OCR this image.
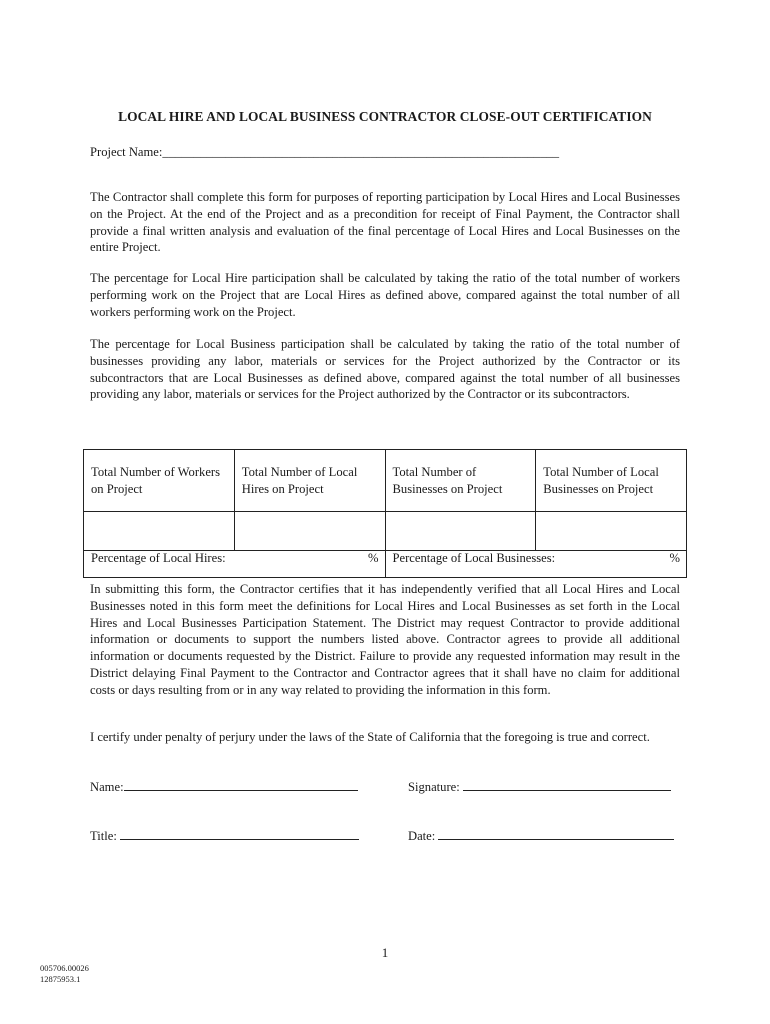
LOCAL HIRE AND LOCAL BUSINESS CONTRACTOR CLOSE-OUT CERTIFICATION
Project Name:_______________________________________________________________
The Contractor shall complete this form for purposes of reporting participation by Local Hires and Local Businesses on the Project. At the end of the Project and as a precondition for receipt of Final Payment, the Contractor shall provide a final written analysis and evaluation of the final percentage of Local Hires and Local Businesses on the entire Project.
The percentage for Local Hire participation shall be calculated by taking the ratio of the total number of workers performing work on the Project that are Local Hires as defined above, compared against the total number of all workers performing work on the Project.
The percentage for Local Business participation shall be calculated by taking the ratio of the total number of businesses providing any labor, materials or services for the Project authorized by the Contractor or its subcontractors that are Local Businesses as defined above, compared against the total number of all businesses providing any labor, materials or services for the Project authorized by the Contractor or its subcontractors.
Total Number of Workers on Project	Total Number of Local Hires on Project	Total Number of Businesses on Project	Total Number of Local Businesses on Project

Percentage of Local Hires: %		Percentage of Local Businesses: %	
In submitting this form, the Contractor certifies that it has independently verified that all Local Hires and Local Businesses noted in this form meet the definitions for Local Hires and Local Businesses as set forth in the Local Hires and Local Businesses Participation Statement. The District may request Contractor to provide additional information or documents to support the numbers listed above. Contractor agrees to provide all additional information or documents requested by the District. Failure to provide any requested information may result in the District delaying Final Payment to the Contractor and Contractor agrees that it shall have no claim for additional costs or days resulting from or in any way related to providing the information in this form.
I certify under penalty of perjury under the laws of the State of California that the foregoing is true and correct.
Name:	Signature:
Title:	Date:
1
005706.00026
12875953.1
